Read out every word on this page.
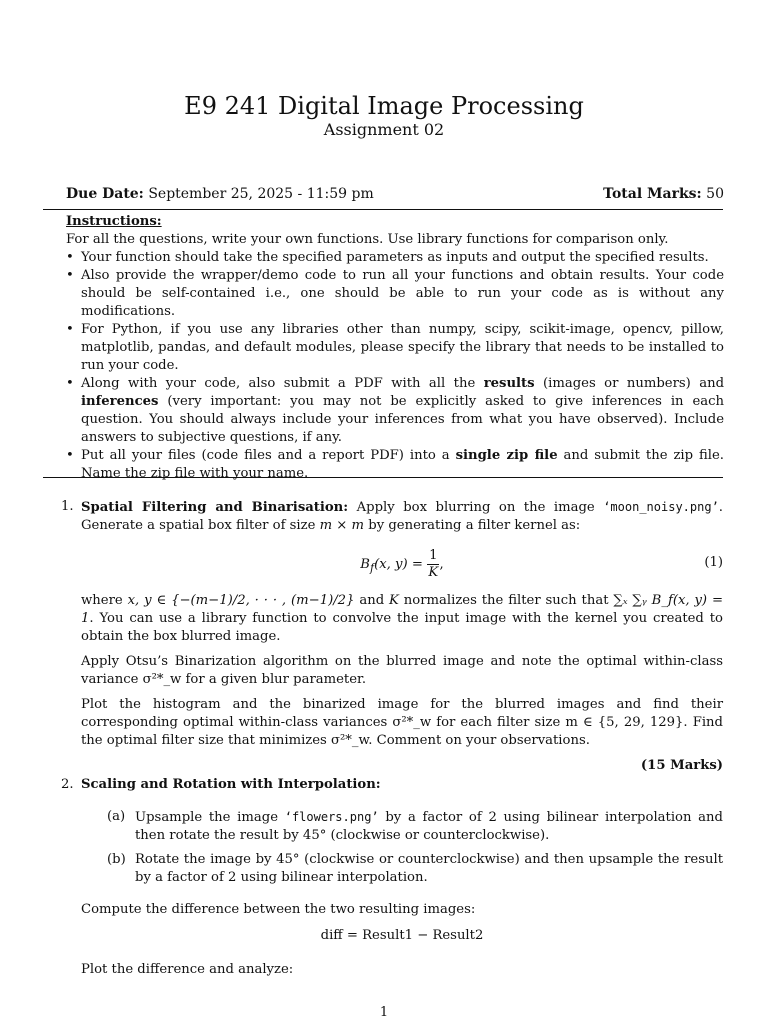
E9 241 Digital Image Processing
Assignment 02
Due Date: September 25, 2025 - 11:59 pm	Total Marks: 50
Instructions:
For all the questions, write your own functions. Use library functions for comparison only.
• Your function should take the specified parameters as inputs and output the specified results.
• Also provide the wrapper/demo code to run all your functions and obtain results. Your code should be self-contained i.e., one should be able to run your code as is without any modifications.
• For Python, if you use any libraries other than numpy, scipy, scikit-image, opencv, pillow, matplotlib, pandas, and default modules, please specify the library that needs to be installed to run your code.
• Along with your code, also submit a PDF with all the results (images or numbers) and inferences (very important: you may not be explicitly asked to give inferences in each question. You should always include your inferences from what you have observed). Include answers to subjective questions, if any.
• Put all your files (code files and a report PDF) into a single zip file and submit the zip file. Name the zip file with your name.
1. Spatial Filtering and Binarisation: Apply box blurring on the image ‘moon_noisy.png’. Generate a spatial box filter of size m × m by generating a filter kernel as:

$B_f(x$, $y) = \frac{1}{K}$ ,	(1)

where x, y ∈ {−(m−1)/2, · · · , (m−1)/2} and K normalizes the filter such that ∑ₓ ∑ᵧ B_f(x, y) = 1. You can use a library function to convolve the input image with the kernel you created to obtain the box blurred image.

Apply Otsu’s Binarization algorithm on the blurred image and note the optimal within-class variance σ²*_w for a given blur parameter.

Plot the histogram and the binarized image for the blurred images and find their corresponding optimal within-class variances σ²*_w for each filter size m ∈ {5, 29, 129}. Find the optimal filter size that minimizes σ²*_w. Comment on your observations.

(15 Marks)
2. Scaling and Rotation with Interpolation:

(a) Upsample the image ‘flowers.png’ by a factor of 2 using bilinear interpolation and then rotate the result by 45° (clockwise or counterclockwise).
(b) Rotate the image by 45° (clockwise or counterclockwise) and then upsample the result by a factor of 2 using bilinear interpolation.

Compute the difference between the two resulting images:

diff = Result1 − Result2

Plot the difference and analyze:

1
